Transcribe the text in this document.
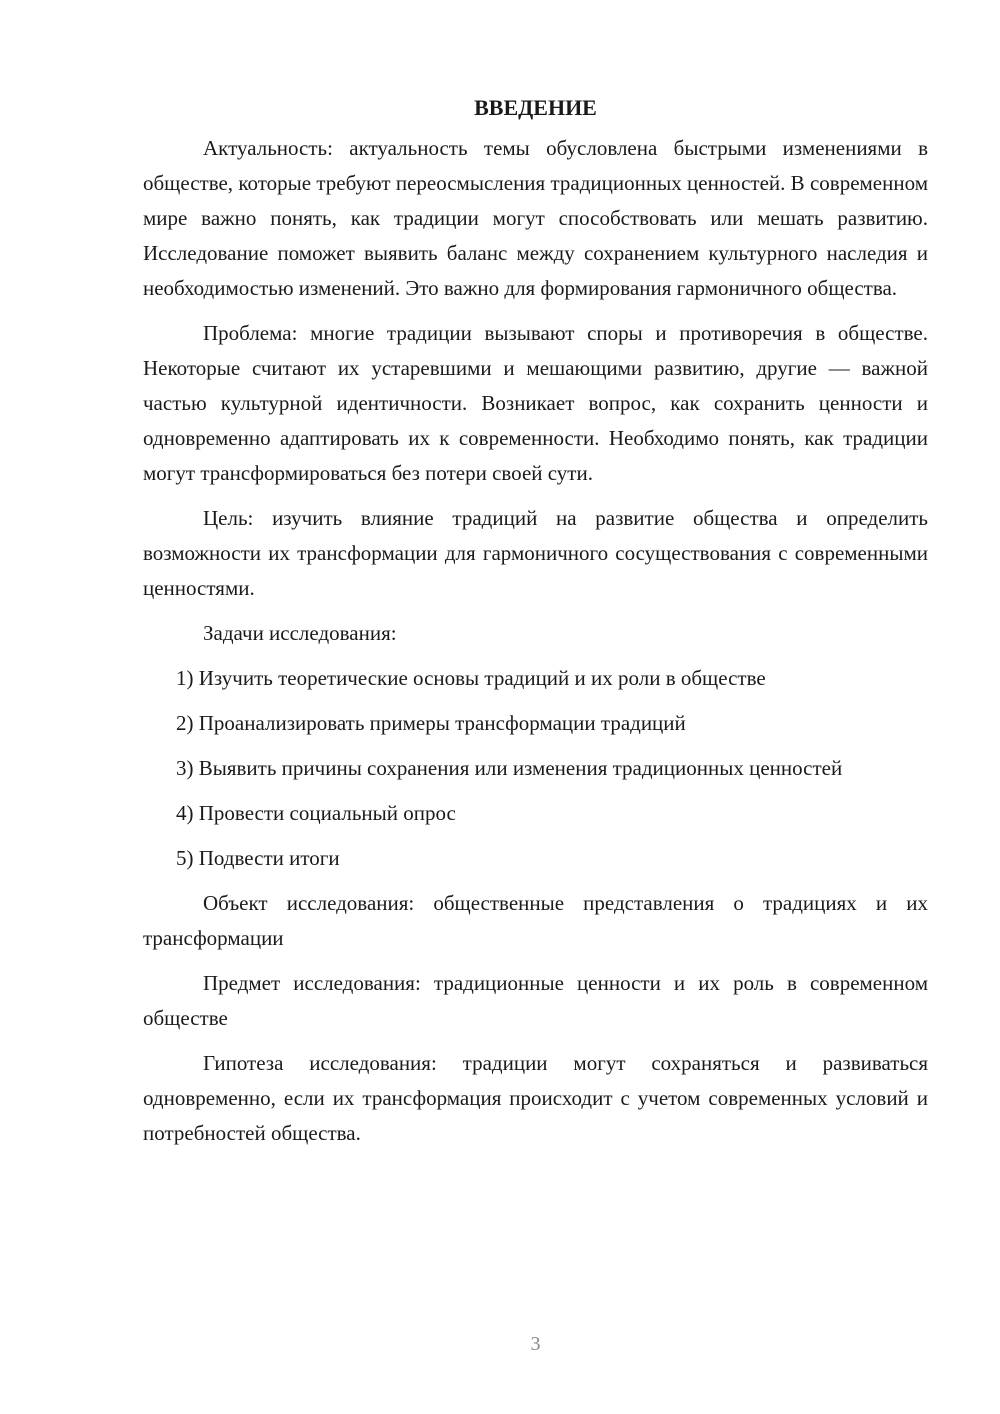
ВВЕДЕНИЕ

Актуальность: актуальность темы обусловлена быстрыми изменениями в обществе, которые требуют переосмысления традиционных ценностей. В современном мире важно понять, как традиции могут способствовать или мешать развитию. Исследование поможет выявить баланс между сохранением культурного наследия и необходимостью изменений. Это важно для формирования гармоничного общества.

Проблема: многие традиции вызывают споры и противоречия в обществе. Некоторые считают их устаревшими и мешающими развитию, другие — важной частью культурной идентичности. Возникает вопрос, как сохранить ценности и одновременно адаптировать их к современности. Необходимо понять, как традиции могут трансформироваться без потери своей сути.

Цель: изучить влияние традиций на развитие общества и определить возможности их трансформации для гармоничного сосуществования с современными ценностями.

Задачи исследования:

1) Изучить теоретические основы традиций и их роли в обществе

2) Проанализировать примеры трансформации традиций

3) Выявить причины сохранения или изменения традиционных ценностей

4) Провести социальный опрос

5) Подвести итоги

Объект исследования: общественные представления о традициях и их трансформации

Предмет исследования: традиционные ценности и их роль в современном обществе

Гипотеза исследования: традиции могут сохраняться и развиваться одновременно, если их трансформация происходит с учетом современных условий и потребностей общества.

3
